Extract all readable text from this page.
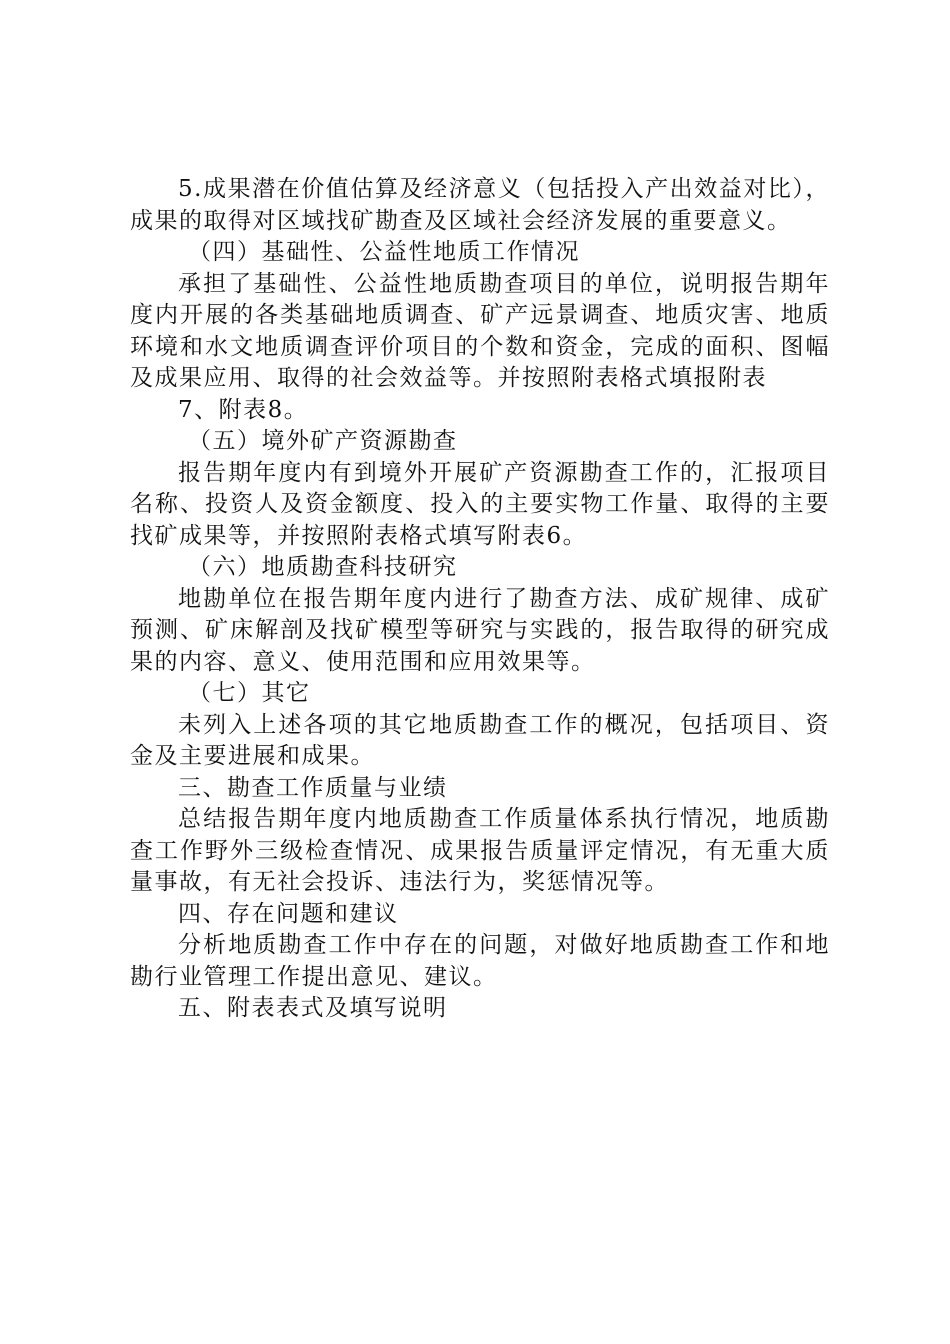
5.成果潜在价值估算及经济意义（包括投入产出效益对比），成果的取得对区域找矿勘查及区域社会经济发展的重要意义。

（四）基础性、公益性地质工作情况

承担了基础性、公益性地质勘查项目的单位，说明报告期年度内开展的各类基础地质调查、矿产远景调查、地质灾害、地质环境和水文地质调查评价项目的个数和资金，完成的面积、图幅及成果应用、取得的社会效益等。并按照附表格式填报附表

7、附表8。

（五）境外矿产资源勘查

报告期年度内有到境外开展矿产资源勘查工作的，汇报项目名称、投资人及资金额度、投入的主要实物工作量、取得的主要找矿成果等，并按照附表格式填写附表6。

（六）地质勘查科技研究

地勘单位在报告期年度内进行了勘查方法、成矿规律、成矿预测、矿床解剖及找矿模型等研究与实践的，报告取得的研究成果的内容、意义、使用范围和应用效果等。

（七）其它

未列入上述各项的其它地质勘查工作的概况，包括项目、资金及主要进展和成果。

三、勘查工作质量与业绩

总结报告期年度内地质勘查工作质量体系执行情况，地质勘查工作野外三级检查情况、成果报告质量评定情况，有无重大质量事故，有无社会投诉、违法行为，奖惩情况等。

四、存在问题和建议

分析地质勘查工作中存在的问题，对做好地质勘查工作和地勘行业管理工作提出意见、建议。

五、附表表式及填写说明
